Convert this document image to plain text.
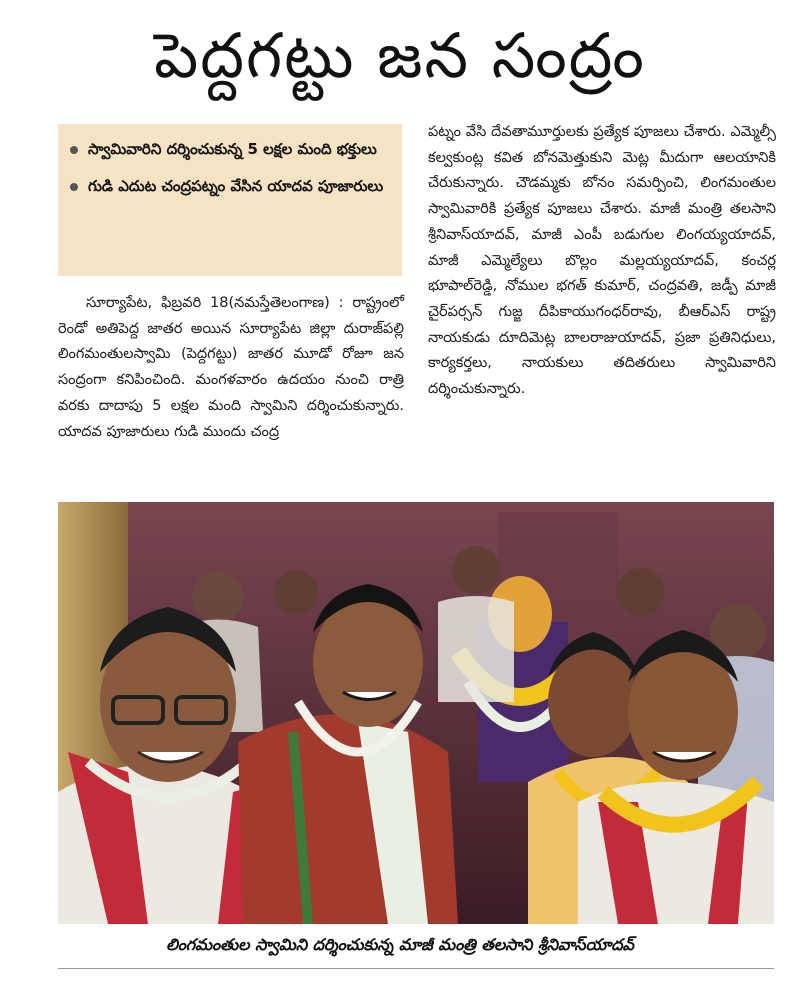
పెద్దగట్టు జన సంద్రం
స్వామివారిని దర్శించుకున్న 5 లక్షల మంది భక్తులు
గుడి ఎదుట చంద్రపట్నం వేసిన యాదవ పూజారులు

సూర్యాపేట, ఫిబ్రవరి 18(నమస్తేతెలంగాణ) : రాష్ట్రంలో రెండో అతిపెద్ద జాతర అయిన సూర్యాపేట జిల్లా దురాజ్‌పల్లి లింగమంతులస్వామి (పెద్దగట్టు) జాతర మూడో రోజూ జన సంద్రంగా కనిపించింది. మంగళవారం ఉదయం నుంచి రాత్రి వరకు దాదాపు 5 లక్షల మంది స్వామిని దర్శించుకున్నారు. యాదవ పూజారులు గుడి ముందు చంద్ర

పట్నం వేసి దేవతామూర్తులకు ప్రత్యేక పూజలు చేశారు. ఎమ్మెల్సీ కల్వకుంట్ల కవిత బోనమెత్తుకుని మెట్ల మీదుగా ఆలయానికి చేరుకున్నారు. చౌడమ్మకు బోనం సమర్పించి, లింగమంతుల స్వామివారికి ప్రత్యేక పూజలు చేశారు. మాజీ మంత్రి తలసాని శ్రీనివాస్‌యాదవ్, మాజీ ఎంపీ బడుగుల లింగయ్యయాదవ్, మాజీ ఎమ్మెల్యేలు బొల్లం మల్లయ్యయాదవ్, కంచర్ల భూపాల్‌రెడ్డి, నోముల భగత్ కుమార్, చంద్రవతి, జడ్పీ మాజీ చైర్‌పర్సన్ గుజ్జ దీపికాయుగంధర్‌రావు, బీఆర్‌ఎస్ రాష్ట్ర నాయకుడు దూదిమెట్ల బాలరాజుయాదవ్, ప్రజా ప్రతినిధులు, కార్యకర్తలు, నాయకులు తదితరులు స్వామివారిని దర్శించుకున్నారు.

లింగమంతుల స్వామిని దర్శించుకున్న మాజీ మంత్రి తలసాని శ్రీనివాస్‌యాదవ్
